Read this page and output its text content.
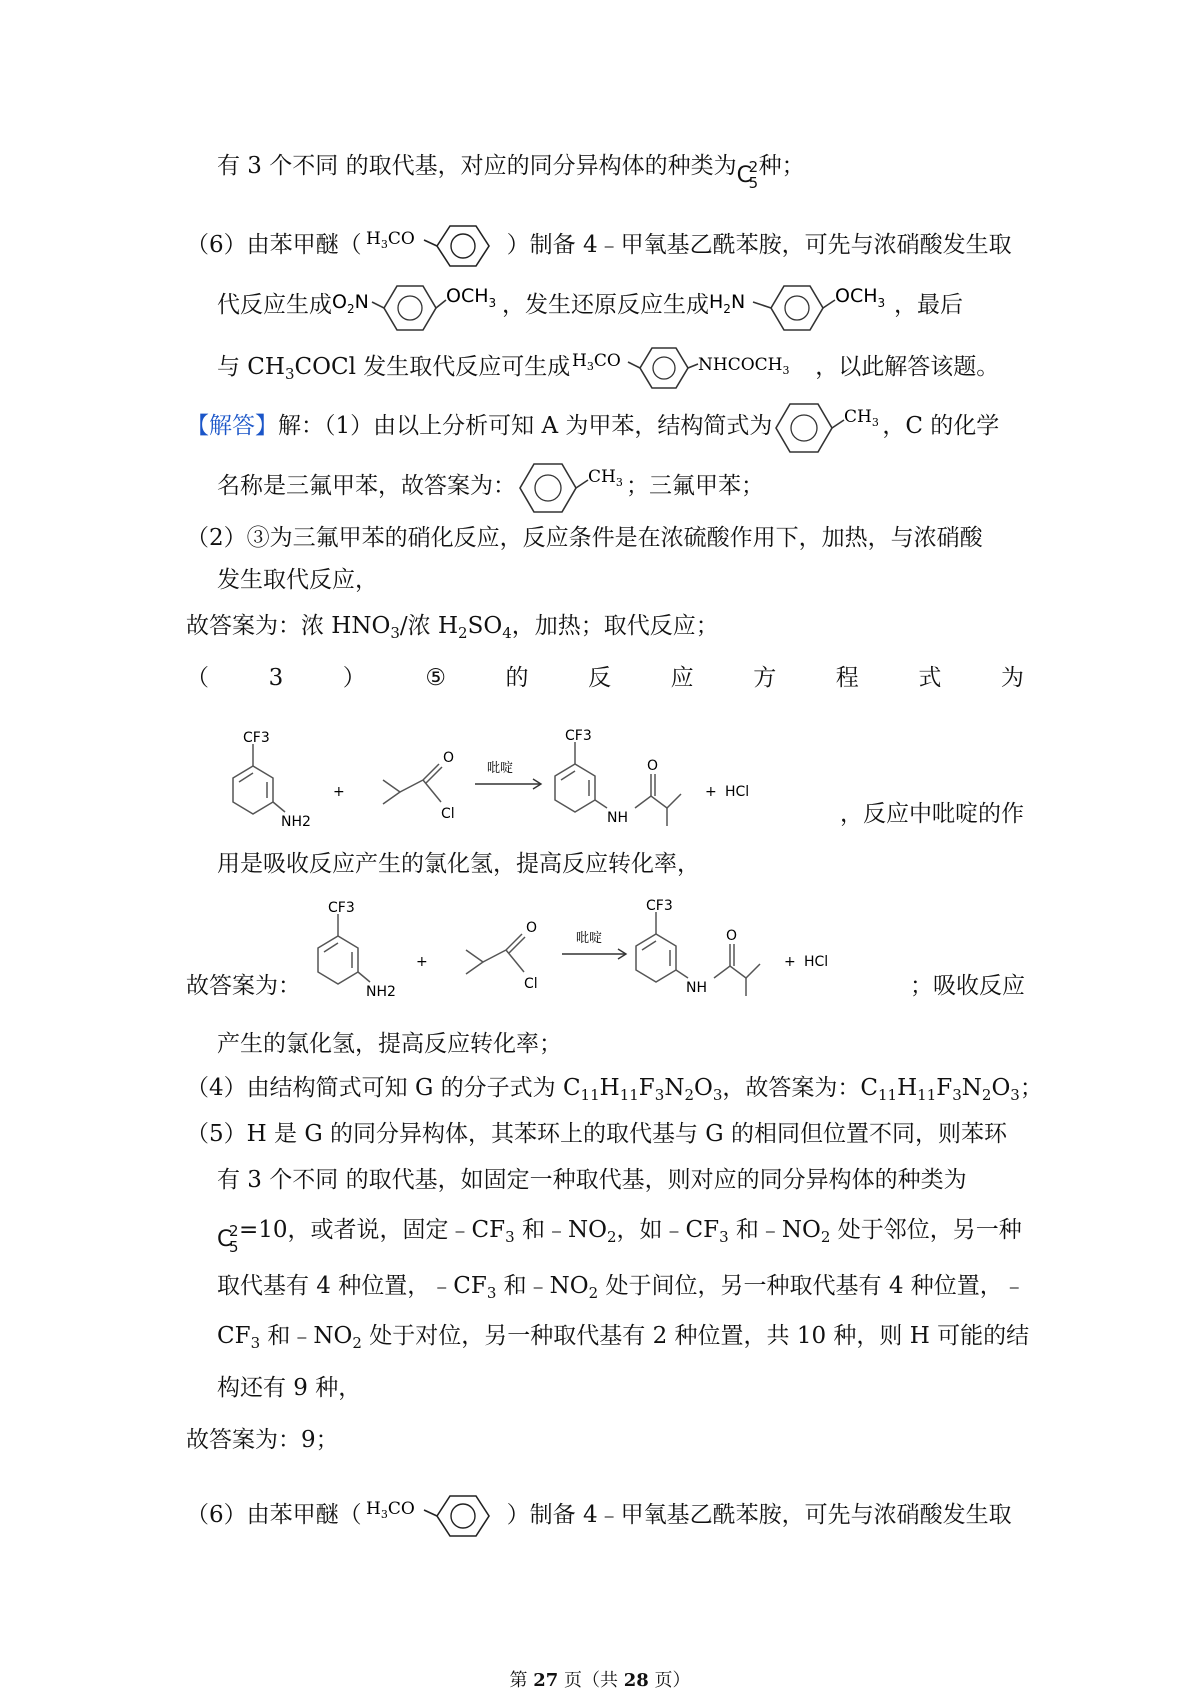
有 3 个不同 的取代基，对应的同分异构体的种类为 C
2
5
种；
（6）由苯甲醚（ $H_3CO$	）制备 4﹣甲氧基乙酰苯胺，可先与浓硝酸发生取
代反应生成 $O_2N$	$OCH_3$ ，发生还原反应生成 $H_2N$	$OCH_3$ ，最后
与 $CH_3COCl$ 发生取代反应可生成 $H_3CO$	$NHCOCH_3$ ，以此解答该题。
【解答】解：（1）由以上分析可知 A 为甲苯，结构简式为	$CH_3$ ，C 的化学
名称是三氟甲苯，故答案为：	$CH_3$ ；三氟甲苯；
（2）③为三氟甲苯的硝化反应，反应条件是在浓硫酸作用下，加热，与浓硝酸
发生取代反应，
故答案为：浓 $HNO_3/$浓 $H_2SO_4$，加热；取代反应；
（	3	）	⑤	的	反	应	方	程	式	为
CF3
NH2
+
O
Cl
吡啶
CF3
NH
O
+ HCl
，反应中吡啶的作
用是吸收反应产生的氯化氢，提高反应转化率，
CF3
NH2
+
O
Cl
吡啶
CF3
NH
O
+ HCl
故答案为：	；吸收反应
产生的氯化氢，提高反应转化率；
（4）由结构简式可知 G 的分子式为 $C_{11}H_{11}F_3N_2O_3$，故答案为：$C_{11}H_{11}F_3N_2O_3$；
（5）H 是 G 的同分异构体，其苯环上的取代基与 G 的相同但位置不同，则苯环
有 3 个不同 的取代基，如固定一种取代基，则对应的同分异构体的种类为
C
2
5
=10，或者说，固定$﹣CF_3$ 和$﹣NO_2$，如$﹣CF_3$ 和$﹣NO_2$ 处于邻位，另一种
取代基有 4 种位置，$﹣CF_3$ 和$﹣NO_2$ 处于间位，另一种取代基有 4 种位置，﹣
$CF_3$ 和$﹣NO_2$ 处于对位，另一种取代基有 2 种位置，共 10 种，则 H 可能的结
构还有 9 种，
故答案为：9；
（6）由苯甲醚（ $H_3CO$	）制备 4﹣甲氧基乙酰苯胺，可先与浓硝酸发生取
第 27 页（共 28 页）
